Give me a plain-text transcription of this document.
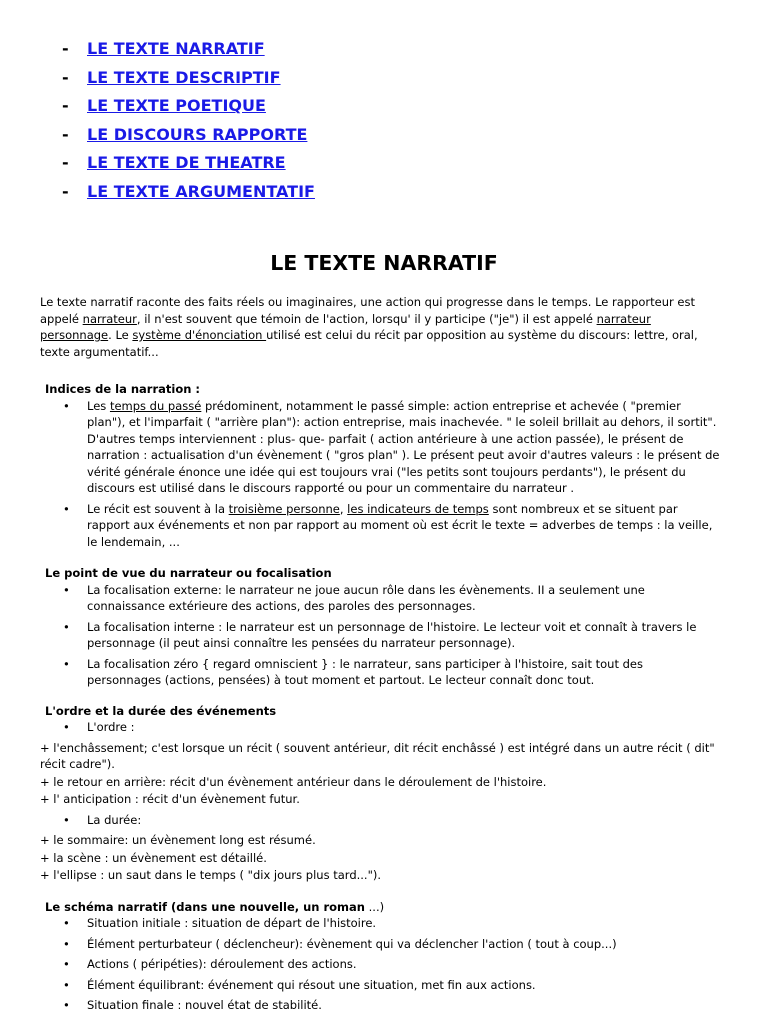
- LE TEXTE NARRATIF
- LE TEXTE DESCRIPTIF
- LE TEXTE POETIQUE
- LE DISCOURS RAPPORTE
- LE TEXTE DE THEATRE
- LE TEXTE ARGUMENTATIF
LE TEXTE NARRATIF

Le texte narratif raconte des faits réels ou imaginaires, une action qui progresse dans le temps. Le rapporteur est appelé narrateur, il n'est souvent que témoin de l'action, lorsqu' il y participe ("je") il est appelé narrateur personnage. Le système d'énonciation utilisé est celui du récit par opposition au système du discours: lettre, oral, texte argumentatif...

Indices de la narration :
• Les temps du passé prédominent, notamment le passé simple: action entreprise et achevée ( "premier plan"), et l'imparfait ( "arrière plan"): action entreprise, mais inachevée. " le soleil brillait au dehors, il sortit". D'autres temps interviennent : plus- que- parfait ( action antérieure à une action passée), le présent de narration : actualisation d'un évènement ( "gros plan" ). Le présent peut avoir d'autres valeurs : le présent de vérité générale énonce une idée qui est toujours vrai ("les petits sont toujours perdants"), le présent du discours est utilisé dans le discours rapporté ou pour un commentaire du narrateur .
• Le récit est souvent à la troisième personne, les indicateurs de temps sont nombreux et se situent par rapport aux événements et non par rapport au moment où est écrit le texte = adverbes de temps : la veille, le lendemain, ...
Le point de vue du narrateur ou focalisation
• La focalisation externe: le narrateur ne joue aucun rôle dans les évènements. II a seulement une connaissance extérieure des actions, des paroles des personnages.
• La focalisation interne : le narrateur est un personnage de l'histoire. Le lecteur voit et connaît à travers le personnage (il peut ainsi connaître les pensées du narrateur personnage).
• La focalisation zéro { regard omniscient } : le narrateur, sans participer à l'histoire, sait tout des personnages (actions, pensées) à tout moment et partout. Le lecteur connaît donc tout.
L'ordre et la durée des événements
• L'ordre :

+ l'enchâssement; c'est lorsque un récit ( souvent antérieur, dit récit enchâssé ) est intégré dans un autre récit ( dit" récit cadre").

+ le retour en arrière: récit d'un évènement antérieur dans le déroulement de l'histoire.

+ l' anticipation : récit d'un évènement futur.

• La durée:

+ le sommaire: un évènement long est résumé.

+ la scène : un évènement est détaillé.

+ l'ellipse : un saut dans le temps ( "dix jours plus tard...").

Le schéma narratif (dans une nouvelle, un roman ...)
• Situation initiale : situation de départ de l'histoire.
• Élément perturbateur ( déclencheur): évènement qui va déclencher l'action ( tout à coup...)
• Actions ( péripéties): déroulement des actions.
• Élément équilibrant: événement qui résout une situation, met fin aux actions.
• Situation finale : nouvel état de stabilité.
